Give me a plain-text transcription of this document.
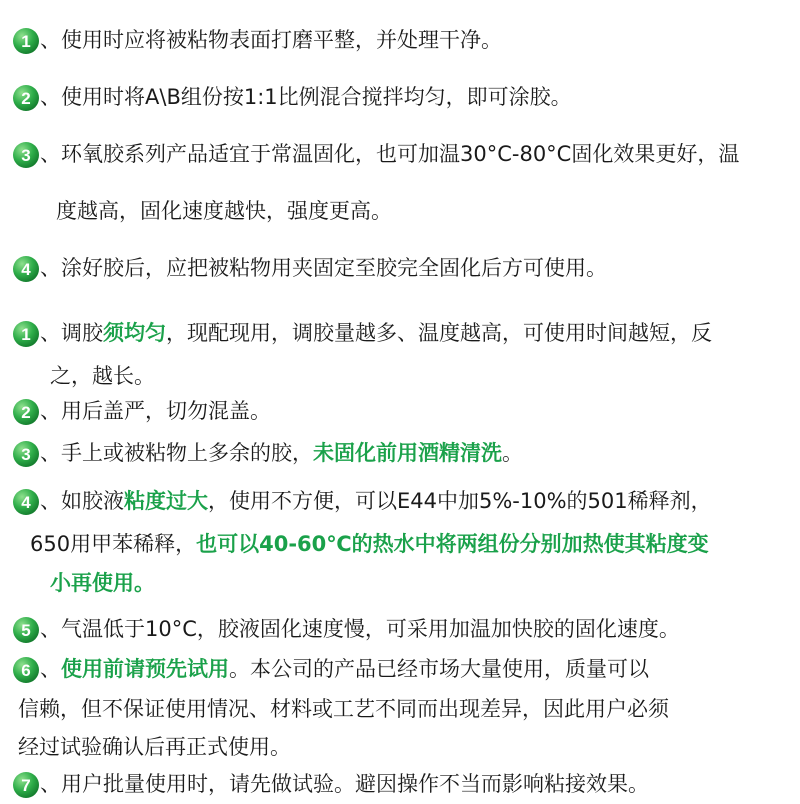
1 、使用时应将被粘物表面打磨平整，并处理干净。
2 、使用时将A\B组份按1:1比例混合搅拌均匀，即可涂胶。
3 、环氧胶系列产品适宜于常温固化，也可加温30°C-80°C固化效果更好，温
度越高，固化速度越快，强度更高。
4 、涂好胶后，应把被粘物用夹固定至胶完全固化后方可使用。
1 、调胶须均匀，现配现用，调胶量越多、温度越高，可使用时间越短，反
之，越长。
2 、用后盖严，切勿混盖。
3 、手上或被粘物上多余的胶，未固化前用酒精清洗。
4 、如胶液粘度过大，使用不方便，可以E44中加5%-10%的501稀释剂，
650用甲苯稀释，也可以40-60℃的热水中将两组份分别加热使其粘度变
小再使用。
5 、气温低于10°C，胶液固化速度慢，可采用加温加快胶的固化速度。
6 、使用前请预先试用。本公司的产品已经市场大量使用，质量可以
信赖，但不保证使用情况、材料或工艺不同而出现差异，因此用户必须
经过试验确认后再正式使用。
7 、用户批量使用时，请先做试验。避因操作不当而影响粘接效果。
